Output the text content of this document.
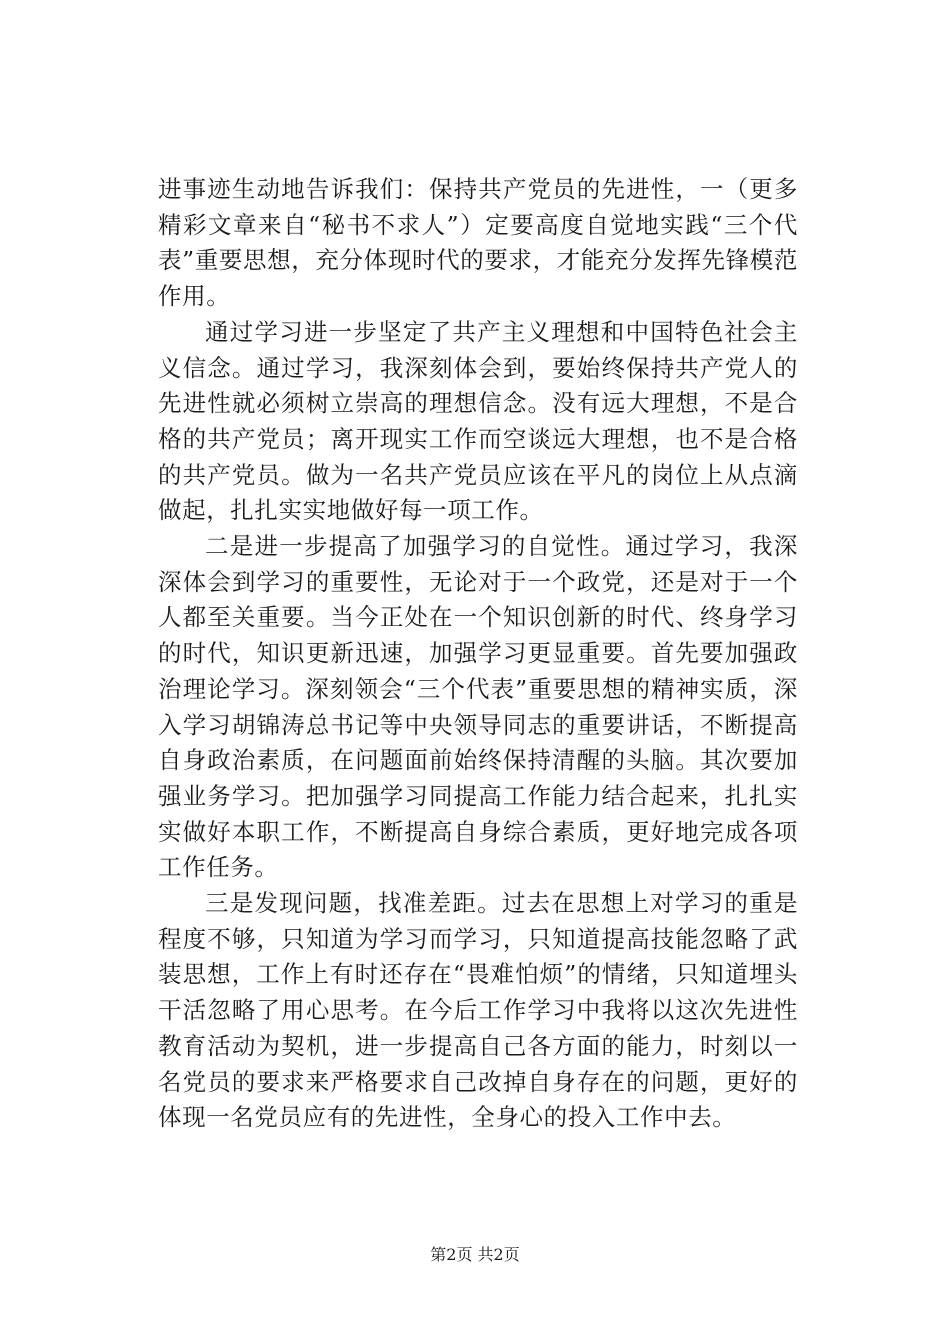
进事迹生动地告诉我们：保持共产党员的先进性，一（更多精彩文章来自“秘书不求人”）定要高度自觉地实践“三个代表”重要思想，充分体现时代的要求，才能充分发挥先锋模范作用。

通过学习进一步坚定了共产主义理想和中国特色社会主义信念。通过学习，我深刻体会到，要始终保持共产党人的先进性就必须树立崇高的理想信念。没有远大理想，不是合格的共产党员；离开现实工作而空谈远大理想，也不是合格的共产党员。做为一名共产党员应该在平凡的岗位上从点滴做起，扎扎实实地做好每一项工作。

二是进一步提高了加强学习的自觉性。通过学习，我深深体会到学习的重要性，无论对于一个政党，还是对于一个人都至关重要。当今正处在一个知识创新的时代、终身学习的时代，知识更新迅速，加强学习更显重要。首先要加强政治理论学习。深刻领会“三个代表”重要思想的精神实质，深入学习胡锦涛总书记等中央领导同志的重要讲话，不断提高自身政治素质，在问题面前始终保持清醒的头脑。其次要加强业务学习。把加强学习同提高工作能力结合起来，扎扎实实做好本职工作，不断提高自身综合素质，更好地完成各项工作任务。

三是发现问题，找准差距。过去在思想上对学习的重是程度不够，只知道为学习而学习，只知道提高技能忽略了武装思想，工作上有时还存在“畏难怕烦”的情绪，只知道埋头干活忽略了用心思考。在今后工作学习中我将以这次先进性教育活动为契机，进一步提高自己各方面的能力，时刻以一名党员的要求来严格要求自己改掉自身存在的问题，更好的体现一名党员应有的先进性，全身心的投入工作中去。

第2页 共2页
